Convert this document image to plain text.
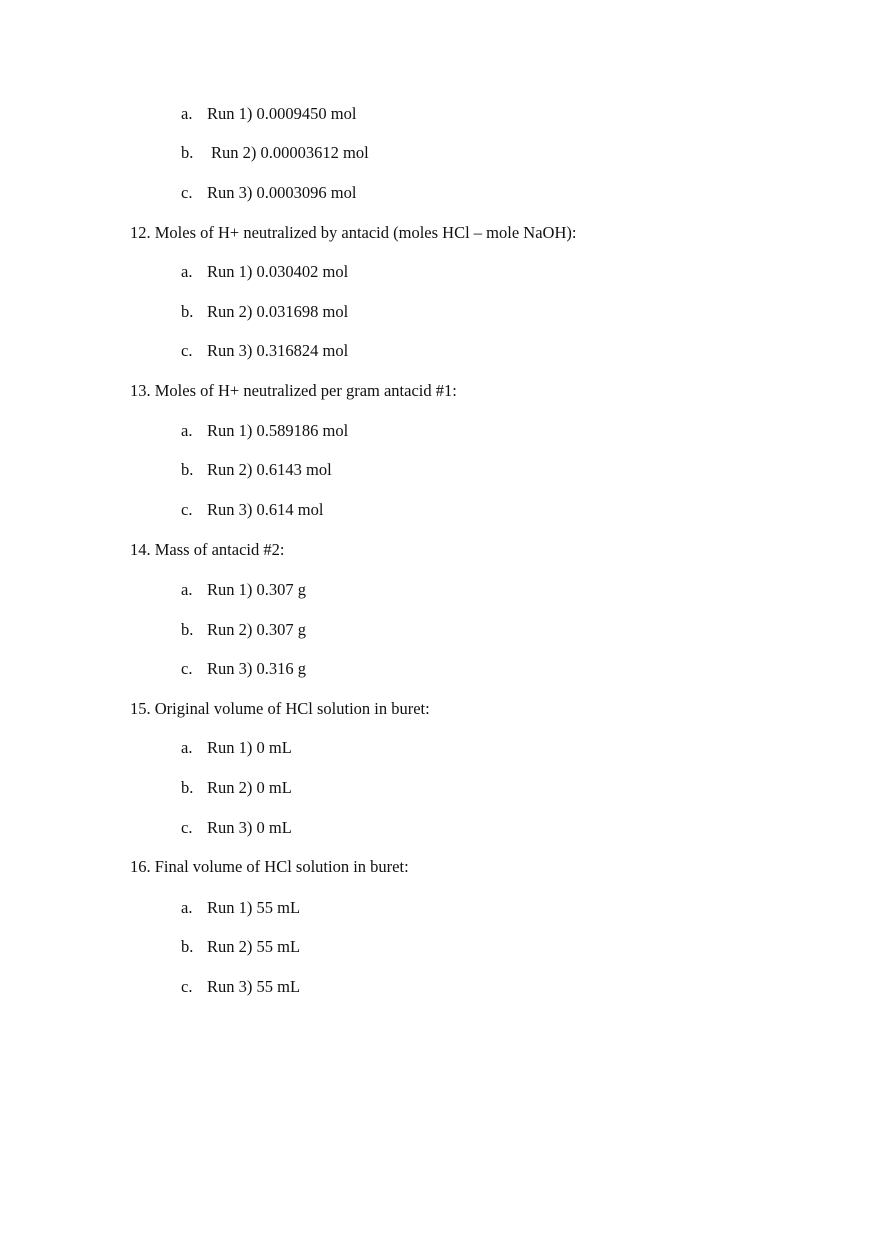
a. Run 1) 0.0009450 mol
b. Run 2) 0.00003612 mol
c. Run 3) 0.0003096 mol
12. Moles of H+ neutralized by antacid (moles HCl – mole NaOH):
a. Run 1) 0.030402 mol
b. Run 2) 0.031698 mol
c. Run 3) 0.316824 mol
13. Moles of H+ neutralized per gram antacid #1:
a. Run 1) 0.589186 mol
b. Run 2) 0.6143 mol
c. Run 3) 0.614 mol
14. Mass of antacid #2:
a. Run 1) 0.307 g
b. Run 2) 0.307 g
c. Run 3) 0.316 g
15. Original volume of HCl solution in buret:
a. Run 1) 0 mL
b. Run 2) 0 mL
c. Run 3) 0 mL
16. Final volume of HCl solution in buret:
a. Run 1) 55 mL
b. Run 2) 55 mL
c. Run 3) 55 mL
